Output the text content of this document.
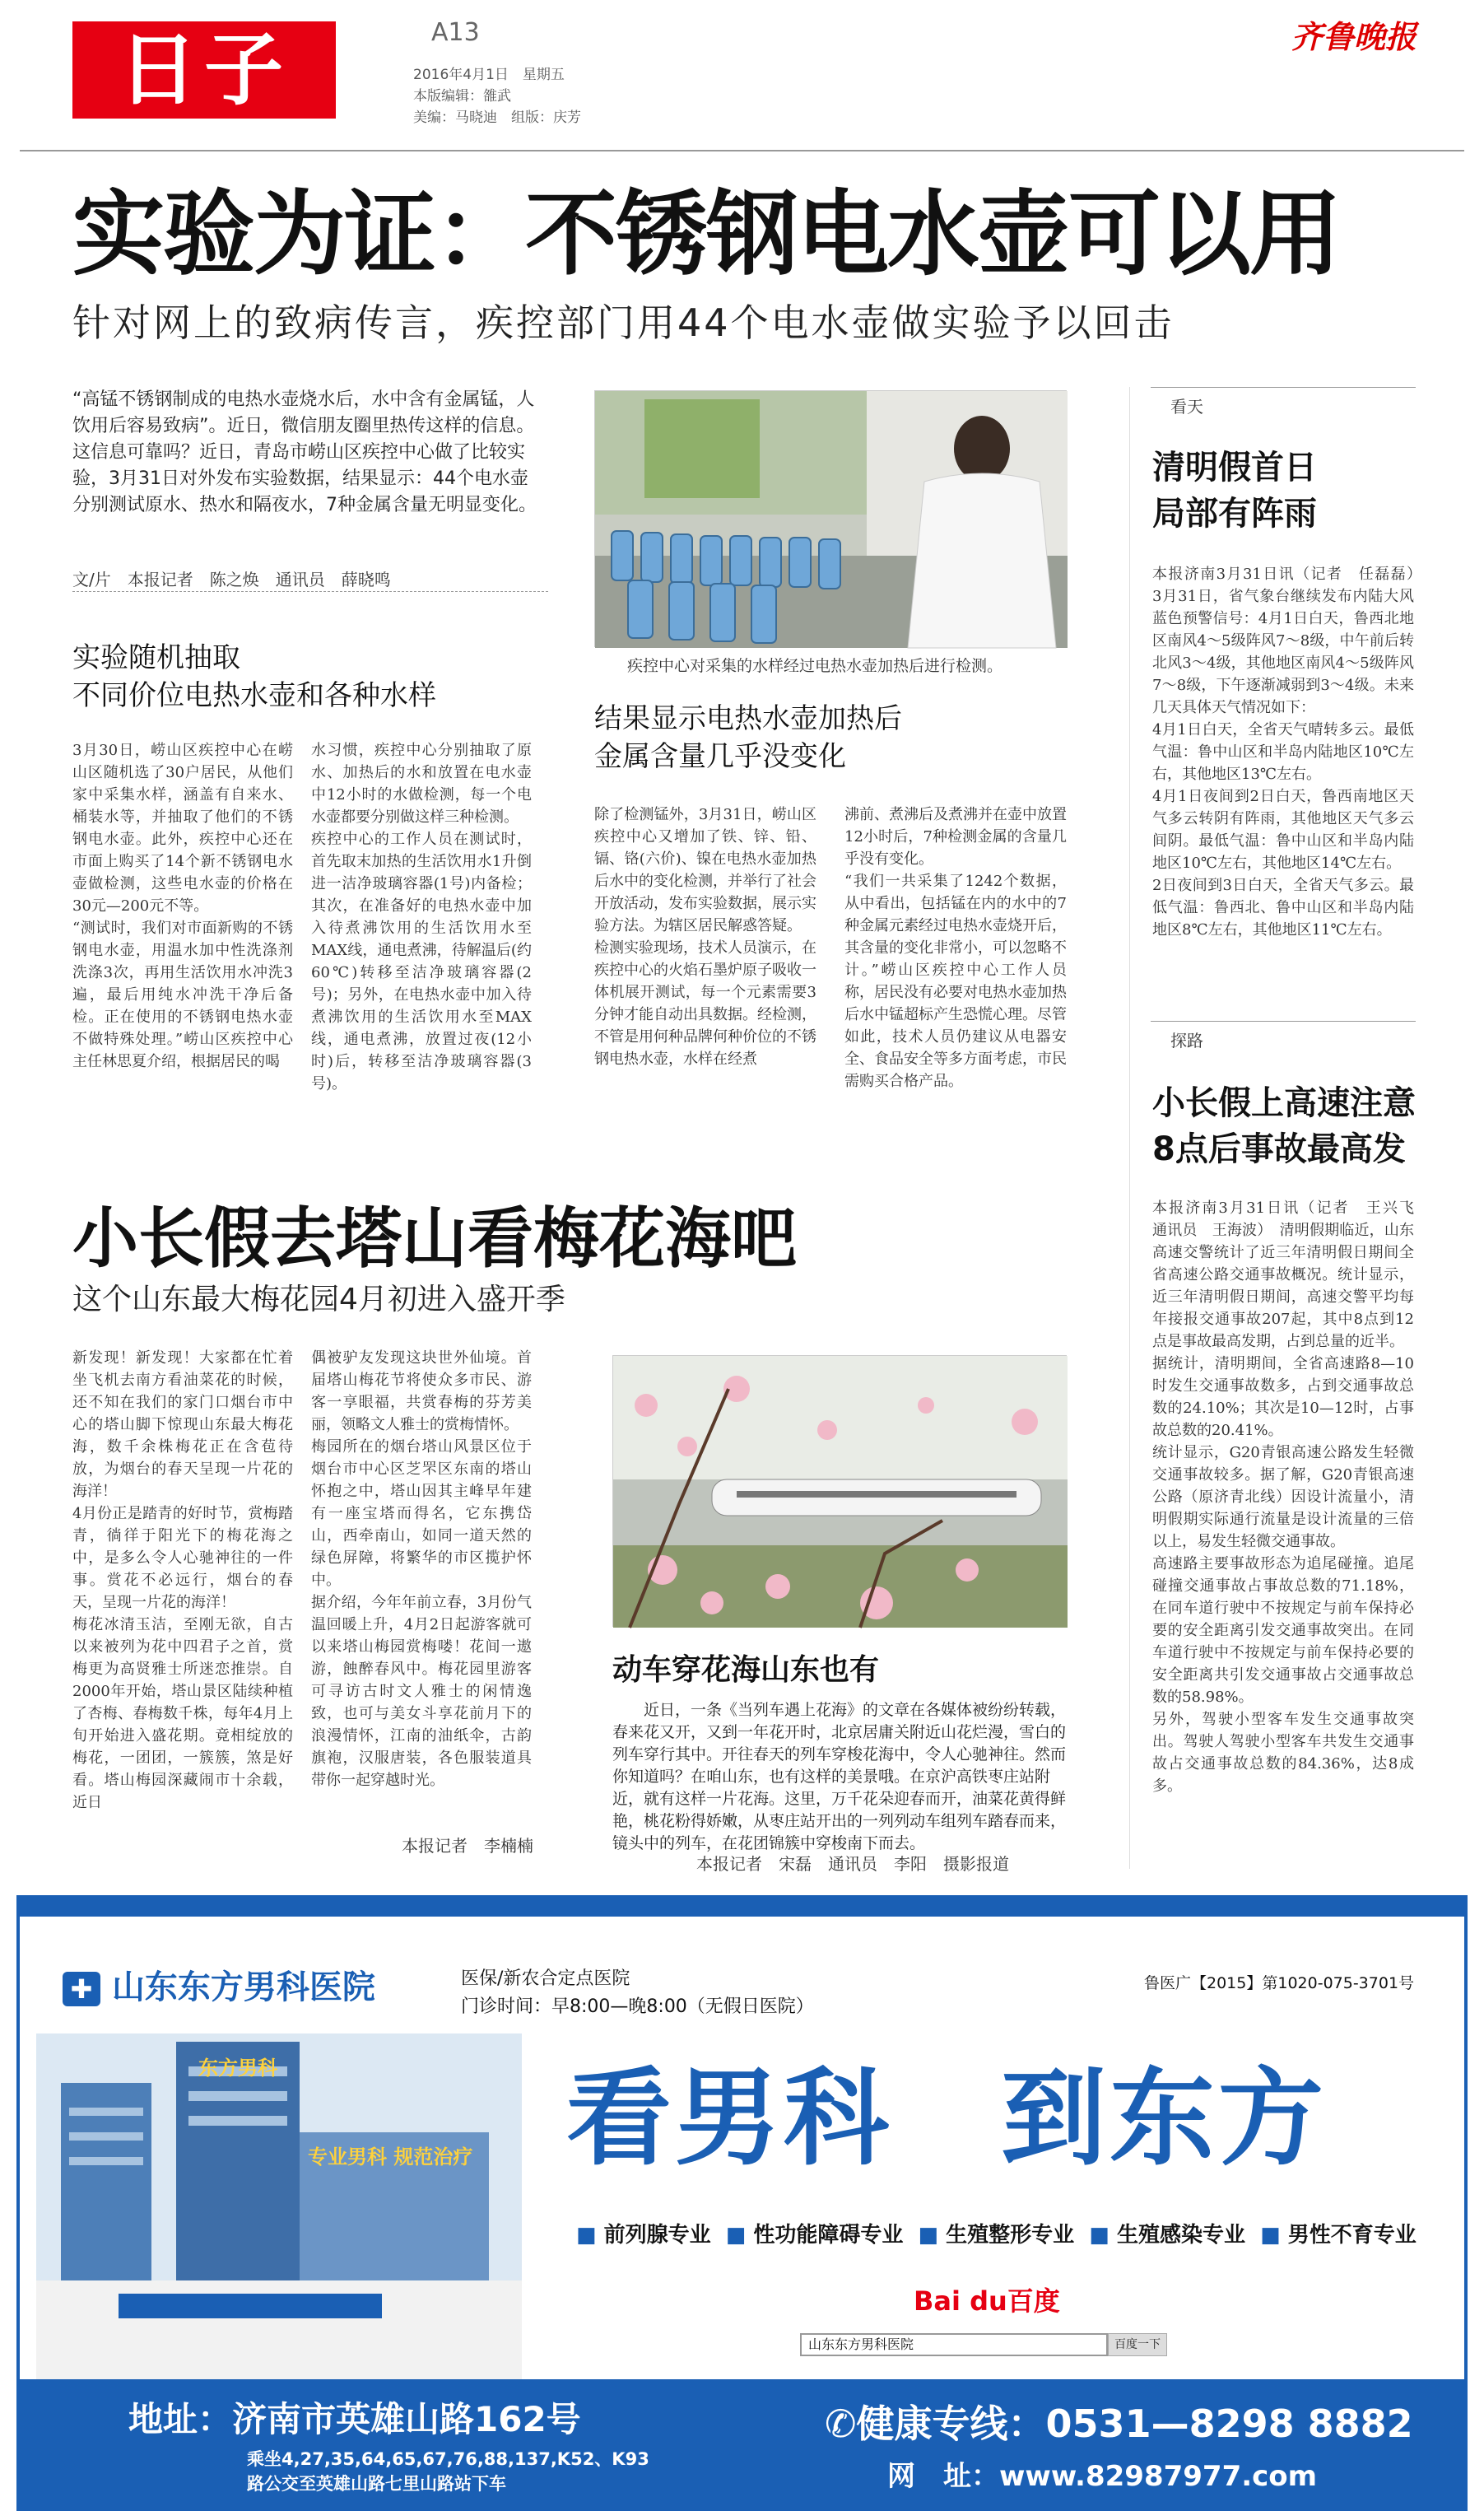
日子	A13
2016年4月1日　星期五
本版编辑：雒武
美编：马晓迪　组版：庆芳
齐鲁晚报
实验为证：不锈钢电水壶可以用
针对网上的致病传言，疾控部门用44个电水壶做实验予以回击
“高锰不锈钢制成的电热水壶烧水后，水中含有金属锰，人饮用后容易致病”。近日，微信朋友圈里热传这样的信息。这信息可靠吗？近日，青岛市崂山区疾控中心做了比较实验，3月31日对外发布实验数据，结果显示：44个电水壶分别测试原水、热水和隔夜水，7种金属含量无明显变化。
文/片　本报记者　陈之焕　通讯员　薛晓鸣
实验随机抽取
不同价位电热水壶和各种水样
3月30日，崂山区疾控中心在崂山区随机选了30户居民，从他们家中采集水样，涵盖有自来水、桶装水等，并抽取了他们的不锈钢电水壶。此外，疾控中心还在市面上购买了14个新不锈钢电水壶做检测，这些电水壶的价格在30元—200元不等。
“测试时，我们对市面新购的不锈钢电水壶，用温水加中性洗涤剂洗涤3次，再用生活饮用水冲洗3遍，最后用纯水冲洗干净后备检。正在使用的不锈钢电热水壶不做特殊处理。”崂山区疾控中心主任林思夏介绍，根据居民的喝
水习惯，疾控中心分别抽取了原水、加热后的水和放置在电水壶中12小时的水做检测，每一个电水壶都要分别做这样三种检测。
疾控中心的工作人员在测试时，首先取末加热的生活饮用水1升倒进一洁净玻璃容器(1号)内备检；其次，在准备好的电热水壶中加入待煮沸饮用的生活饮用水至MAX线，通电煮沸，待解温后(约60℃)转移至洁净玻璃容器(2号)；另外，在电热水壶中加入待煮沸饮用的生活饮用水至MAX线，通电煮沸，放置过夜(12小时)后，转移至洁净玻璃容器(3号)。
疾控中心对采集的水样经过电热水壶加热后进行检测。
结果显示电热水壶加热后
金属含量几乎没变化
除了检测锰外，3月31日，崂山区疾控中心又增加了铁、锌、铅、镉、铬(六价)、镍在电热水壶加热后水中的变化检测，并举行了社会开放活动，发布实验数据，展示实验方法。为辖区居民解惑答疑。
检测实验现场，技术人员演示，在疾控中心的火焰石墨炉原子吸收一体机展开测试，每一个元素需要3分钟才能自动出具数据。经检测，不管是用何种品牌何种价位的不锈钢电热水壶，水样在经煮
沸前、煮沸后及煮沸并在壶中放置12小时后，7种检测金属的含量几乎没有变化。
“我们一共采集了1242个数据，从中看出，包括锰在内的水中的7种金属元素经过电热水壶烧开后，其含量的变化非常小，可以忽略不计。”崂山区疾控中心工作人员称，居民没有必要对电热水壶加热后水中锰超标产生恐慌心理。尽管如此，技术人员仍建议从电器安全、食品安全等多方面考虑，市民需购买合格产品。
看天
清明假首日
局部有阵雨
本报济南3月31日讯（记者　任磊磊）　3月31日，省气象台继续发布内陆大风蓝色预警信号：4月1日白天，鲁西北地区南风4～5级阵风7～8级，中午前后转北风3～4级，其他地区南风4～5级阵风7～8级，下午逐渐减弱到3～4级。未来几天具体天气情况如下：
4月1日白天，全省天气晴转多云。最低气温：鲁中山区和半岛内陆地区10℃左右，其他地区13℃左右。
4月1日夜间到2日白天，鲁西南地区天气多云转阴有阵雨，其他地区天气多云间阴。最低气温：鲁中山区和半岛内陆地区10℃左右，其他地区14℃左右。
2日夜间到3日白天，全省天气多云。最低气温：鲁西北、鲁中山区和半岛内陆地区8℃左右，其他地区11℃左右。
探路
小长假上高速注意
8点后事故最高发
本报济南3月31日讯（记者　王兴飞　通讯员　王海波）　清明假期临近，山东高速交警统计了近三年清明假日期间全省高速公路交通事故概况。统计显示，近三年清明假日期间，高速交警平均每年接报交通事故207起，其中8点到12点是事故最高发期，占到总量的近半。
据统计，清明期间，全省高速路8—10时发生交通事故数多，占到交通事故总数的24.10%；其次是10—12时，占事故总数的20.41%。
统计显示，G20青银高速公路发生轻微交通事故较多。据了解，G20青银高速公路（原济青北线）因设计流量小，清明假期实际通行流量是设计流量的三倍以上，易发生轻微交通事故。
高速路主要事故形态为追尾碰撞。追尾碰撞交通事故占事故总数的71.18%，在同车道行驶中不按规定与前车保持必要的安全距离引发交通事故突出。在同车道行驶中不按规定与前车保持必要的安全距离共引发交通事故占交通事故总数的58.98%。
另外，驾驶小型客车发生交通事故突出。驾驶人驾驶小型客车共发生交通事故占交通事故总数的84.36%，达8成多。
小长假去塔山看梅花海吧
这个山东最大梅花园4月初进入盛开季
新发现！新发现！大家都在忙着坐飞机去南方看油菜花的时候，还不知在我们的家门口烟台市中心的塔山脚下惊现山东最大梅花海，数千余株梅花正在含苞待放，为烟台的春天呈现一片花的海洋！
4月份正是踏青的好时节，赏梅踏青，徜徉于阳光下的梅花海之中，是多么令人心驰神往的一件事。赏花不必远行，烟台的春天，呈现一片花的海洋！
梅花冰清玉洁，至刚无欲，自古以来被列为花中四君子之首，赏梅更为高贤雅士所迷恋推崇。自2000年开始，塔山景区陆续种植了杏梅、春梅数千株，每年4月上旬开始进入盛花期。竟相绽放的梅花，一团团，一簇簇，煞是好看。塔山梅园深藏闹市十余载，近日
偶被驴友发现这块世外仙境。首届塔山梅花节将使众多市民、游客一享眼福，共赏春梅的芬芳美丽，领略文人雅士的赏梅情怀。
梅园所在的烟台塔山风景区位于烟台市中心区芝罘区东南的塔山怀抱之中，塔山因其主峰早年建有一座宝塔而得名，它东携岱山，西牵南山，如同一道天然的绿色屏障，将繁华的市区揽护怀中。
据介绍，今年年前立春，3月份气温回暖上升，4月2日起游客就可以来塔山梅园赏梅喽！花间一遨游，蝕醉春风中。梅花园里游客可寻访古时文人雅士的闲情逸致，也可与美女斗享花前月下的浪漫情怀，江南的油纸伞，古韵旗袍，汉服唐装，各色服装道具带你一起穿越时光。
本报记者　李楠楠
动车穿花海山东也有
近日，一条《当列车遇上花海》的文章在各媒体被纷纷转载，春来花又开，又到一年花开时，北京居庸关附近山花烂漫，雪白的列车穿行其中。开往春天的列车穿梭花海中，令人心驰神往。然而你知道吗？在咱山东，也有这样的美景哦。在京沪高铁枣庄站附近，就有这样一片花海。这里，万千花朵迎春而开，油菜花黄得鲜艳，桃花粉得娇嫩，从枣庄站开出的一列列动车组列车踏春而来，镜头中的列车，在花团锦簇中穿梭南下而去。
本报记者　宋磊　通讯员　李阳　摄影报道
✚ 山东东方男科医院	医保/新农合定点医院
门诊时间：早8:00—晚8:00（无假日医院）
鲁医广【2015】第1020-075-3701号
东方男科
专业男科 规范治疗 看男科　到东方
■ 前列腺专业 ■ 性功能障碍专业 ■ 生殖整形专业 ■ 生殖感染专业 ■ 男性不育专业
Bai du百度
山东东方男科医院	百度一下
地址：济南市英雄山路162号
乘坐4,27,35,64,65,67,76,88,137,K52、K93路公交至英雄山路七里山路站下车
✆健康专线：0531—8298 8882
网　址：www.82987977.com
